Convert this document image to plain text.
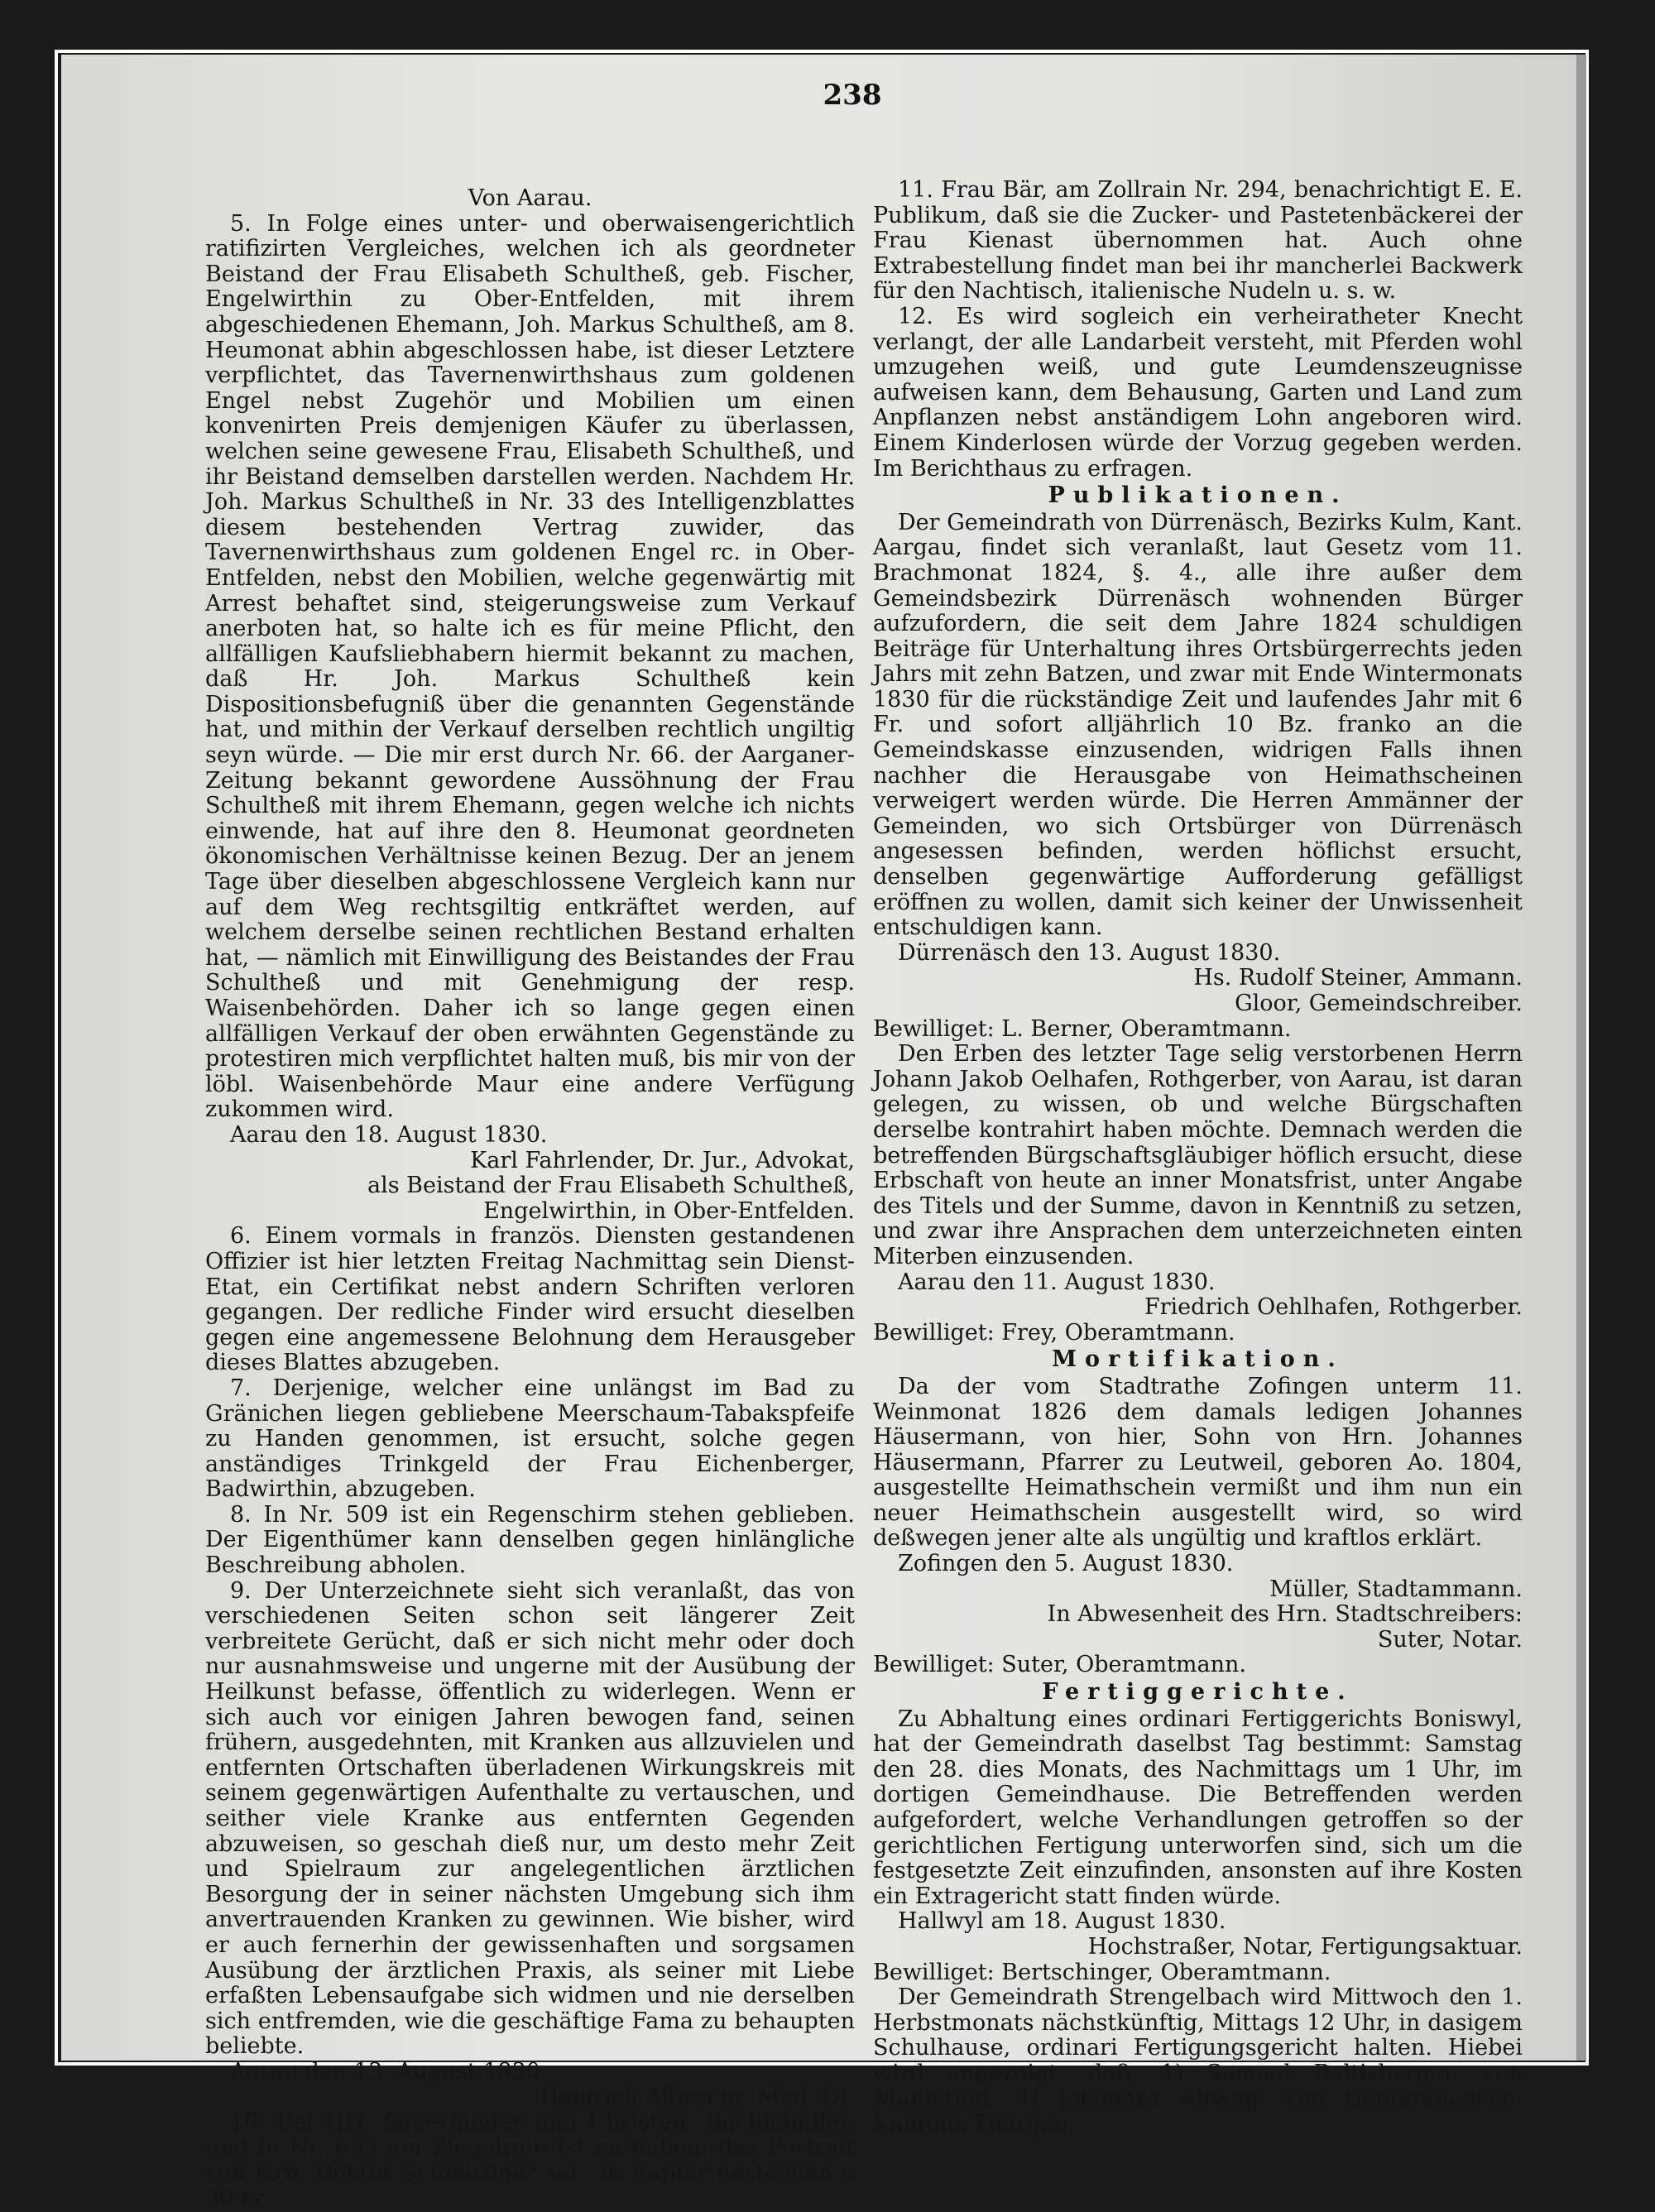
238

Von Aarau.

5. In Folge eines unter- und oberwaisengerichtlich ratifizirten Vergleiches, welchen ich als geordneter Beistand der Frau Elisabeth Schultheß, geb. Fischer, Engelwirthin zu Ober-Entfelden, mit ihrem abgeschiedenen Ehemann, Joh. Markus Schultheß, am 8. Heumonat abhin abgeschlossen habe, ist dieser Letztere verpflichtet, das Tavernenwirthshaus zum goldenen Engel nebst Zugehör und Mobilien um einen konvenirten Preis demjenigen Käufer zu überlassen, welchen seine gewesene Frau, Elisabeth Schultheß, und ihr Beistand demselben darstellen werden. Nachdem Hr. Joh. Markus Schultheß in Nr. 33 des Intelligenzblattes diesem bestehenden Vertrag zuwider, das Tavernenwirthshaus zum goldenen Engel rc. in Ober-Entfelden, nebst den Mobilien, welche gegenwärtig mit Arrest behaftet sind, steigerungsweise zum Verkauf anerboten hat, so halte ich es für meine Pflicht, den allfälligen Kaufsliebhabern hiermit bekannt zu machen, daß Hr. Joh. Markus Schultheß kein Dispositionsbefugniß über die genannten Gegenstände hat, und mithin der Verkauf derselben rechtlich ungiltig seyn würde. — Die mir erst durch Nr. 66. der Aarganer-Zeitung bekannt gewordene Aussöhnung der Frau Schultheß mit ihrem Ehemann, gegen welche ich nichts einwende, hat auf ihre den 8. Heumonat geordneten ökonomischen Verhältnisse keinen Bezug. Der an jenem Tage über dieselben abgeschlossene Vergleich kann nur auf dem Weg rechtsgiltig entkräftet werden, auf welchem derselbe seinen rechtlichen Bestand erhalten hat, — nämlich mit Einwilligung des Beistandes der Frau Schultheß und mit Genehmigung der resp. Waisenbehörden. Daher ich so lange gegen einen allfälligen Verkauf der oben erwähnten Gegenstände zu protestiren mich verpflichtet halten muß, bis mir von der löbl. Waisenbehörde Maur eine andere Verfügung zukommen wird.

Aarau den 18. August 1830.

Karl Fahrlender, Dr. Jur., Advokat,

als Beistand der Frau Elisabeth Schultheß,

Engelwirthin, in Ober-Entfelden.

6. Einem vormals in französ. Diensten gestandenen Offizier ist hier letzten Freitag Nachmittag sein Dienst-Etat, ein Certifikat nebst andern Schriften verloren gegangen. Der redliche Finder wird ersucht dieselben gegen eine angemessene Belohnung dem Herausgeber dieses Blattes abzugeben.

7. Derjenige, welcher eine unlängst im Bad zu Gränichen liegen gebliebene Meerschaum-Tabakspfeife zu Handen genommen, ist ersucht, solche gegen anständiges Trinkgeld der Frau Eichenberger, Badwirthin, abzugeben.

8. In Nr. 509 ist ein Regenschirm stehen geblieben. Der Eigenthümer kann denselben gegen hinlängliche Beschreibung abholen.

9. Der Unterzeichnete sieht sich veranlaßt, das von verschiedenen Seiten schon seit längerer Zeit verbreitete Gerücht, daß er sich nicht mehr oder doch nur ausnahmsweise und ungerne mit der Ausübung der Heilkunst befasse, öffentlich zu widerlegen. Wenn er sich auch vor einigen Jahren bewogen fand, seinen frühern, ausgedehnten, mit Kranken aus allzuvielen und entfernten Ortschaften überladenen Wirkungskreis mit seinem gegenwärtigen Aufenthalte zu vertauschen, und seither viele Kranke aus entfernten Gegenden abzuweisen, so geschah dieß nur, um desto mehr Zeit und Spielraum zur angelegentlichen ärztlichen Besorgung der in seiner nächsten Umgebung sich ihm anvertrauenden Kranken zu gewinnen. Wie bisher, wird er auch fernerhin der gewissenhaften und sorgsamen Ausübung der ärztlichen Praxis, als seiner mit Liebe erfaßten Lebensaufgabe sich widmen und nie derselben sich entfremden, wie die geschäftige Fama zu behaupten beliebte.

Aarau den 13. August 1830.

Heinrich Albrecht, Med. Dr.

10. Bei HH. Sauerländer und Christen, Buchhändler, und in Nr. 655 am Ziegelrain ist zu haben: das Portrait von Hrn. Doktor Schmuziger sel., in Kupfer gestochen à 30 kr.

11. Frau Bär, am Zollrain Nr. 294, benachrichtigt E. E. Publikum, daß sie die Zucker- und Pastetenbäckerei der Frau Kienast übernommen hat. Auch ohne Extrabestellung findet man bei ihr mancherlei Backwerk für den Nachtisch, italienische Nudeln u. s. w.

12. Es wird sogleich ein verheiratheter Knecht verlangt, der alle Landarbeit versteht, mit Pferden wohl umzugehen weiß, und gute Leumdenszeugnisse aufweisen kann, dem Behausung, Garten und Land zum Anpflanzen nebst anständigem Lohn angeboren wird. Einem Kinderlosen würde der Vorzug gegeben werden. Im Berichthaus zu erfragen.

Publikationen.

Der Gemeindrath von Dürrenäsch, Bezirks Kulm, Kant. Aargau, findet sich veranlaßt, laut Gesetz vom 11. Brachmonat 1824, §. 4., alle ihre außer dem Gemeindsbezirk Dürrenäsch wohnenden Bürger aufzufordern, die seit dem Jahre 1824 schuldigen Beiträge für Unterhaltung ihres Ortsbürgerrechts jeden Jahrs mit zehn Batzen, und zwar mit Ende Wintermonats 1830 für die rückständige Zeit und laufendes Jahr mit 6 Fr. und sofort alljährlich 10 Bz. franko an die Gemeindskasse einzusenden, widrigen Falls ihnen nachher die Herausgabe von Heimathscheinen verweigert werden würde. Die Herren Ammänner der Gemeinden, wo sich Ortsbürger von Dürrenäsch angesessen befinden, werden höflichst ersucht, denselben gegenwärtige Aufforderung gefälligst eröffnen zu wollen, damit sich keiner der Unwissenheit entschuldigen kann.

Dürrenäsch den 13. August 1830.

Hs. Rudolf Steiner, Ammann.

Gloor, Gemeindschreiber.

Bewilliget: L. Berner, Oberamtmann.

Den Erben des letzter Tage selig verstorbenen Herrn Johann Jakob Oelhafen, Rothgerber, von Aarau, ist daran gelegen, zu wissen, ob und welche Bürgschaften derselbe kontrahirt haben möchte. Demnach werden die betreffenden Bürgschaftsgläubiger höflich ersucht, diese Erbschaft von heute an inner Monatsfrist, unter Angabe des Titels und der Summe, davon in Kenntniß zu setzen, und zwar ihre Ansprachen dem unterzeichneten einten Miterben einzusenden.

Aarau den 11. August 1830.

Friedrich Oehlhafen, Rothgerber.

Bewilliget: Frey, Oberamtmann.

Mortifikation.

Da der vom Stadtrathe Zofingen unterm 11. Weinmonat 1826 dem damals ledigen Johannes Häusermann, von hier, Sohn von Hrn. Johannes Häusermann, Pfarrer zu Leutweil, geboren Ao. 1804, ausgestellte Heimathschein vermißt und ihm nun ein neuer Heimathschein ausgestellt wird, so wird deßwegen jener alte als ungültig und kraftlos erklärt.

Zofingen den 5. August 1830.

Müller, Stadtammann.

In Abwesenheit des Hrn. Stadtschreibers:

Suter, Notar.

Bewilliget: Suter, Oberamtmann.

Fertiggerichte.

Zu Abhaltung eines ordinari Fertiggerichts Boniswyl, hat der Gemeindrath daselbst Tag bestimmt: Samstag den 28. dies Monats, des Nachmittags um 1 Uhr, im dortigen Gemeindhause. Die Betreffenden werden aufgefordert, welche Verhandlungen getroffen so der gerichtlichen Fertigung unterworfen sind, sich um die festgesetzte Zeit einzufinden, ansonsten auf ihre Kosten ein Extragericht statt finden würde.

Hallwyl am 18. August 1830.

Hochstraßer, Notar, Fertigungsaktuar.

Bewilliget: Bertschinger, Oberamtmann.

Der Gemeindrath Strengelbach wird Mittwoch den 1. Herbstmonats nächstkünftig, Mittags 12 Uhr, in dasigem Schulhause, ordinari Fertigungsgericht halten. Hiebei wird angezeigt: daß, 1) Samuel Baltisberger, von Mühlethal; 2) Johannes Altweg, von Gontershausen, Kantons Thurgau,
